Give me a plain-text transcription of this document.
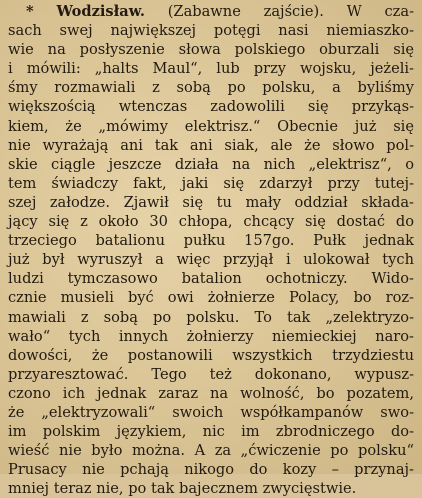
* Wodzisław. (Zabawne zajście). W cza-
sach swej największej potęgi nasi niemiaszko-
wie na posłyszenie słowa polskiego oburzali się
i mówili: „halts Maul“, lub przy wojsku, jeżeli-
śmy rozmawiali z sobą po polsku, a byliśmy
większością wtenczas zadowolili się przykąs-
kiem, że „mówimy elektrisz.“ Obecnie już się
nie wyrażają ani tak ani siak, ale że słowo pol-
skie ciągle jeszcze działa na nich „elektrisz“, o
tem świadczy fakt, jaki się zdarzył przy tutej-
szej załodze. Zjawił się tu mały oddział składa-
jący się z około 30 chłopa, chcący się dostać do
trzeciego batalionu pułku 157go. Pułk jednak
już był wyruszył a więc przyjął i ulokował tych
ludzi tymczasowo batalion ochotniczy. Wido-
cznie musieli być owi żołnierze Polacy, bo roz-
mawiali z sobą po polsku. To tak „zelektryzo-
wało“ tych innych żołnierzy niemieckiej naro-
dowości, że postanowili wszystkich trzydziestu
przyaresztować. Tego też dokonano, wypusz-
czono ich jednak zaraz na wolność, bo pozatem,
że „elektryzowali“ swoich współkampanów swo-
im polskim językiem, nic im zbrodniczego do-
wieść nie było można. A za „ćwiczenie po polsku“
Prusacy nie pchają nikogo do kozy – przynaj-
mniej teraz nie, po tak bajecznem zwycięstwie.
